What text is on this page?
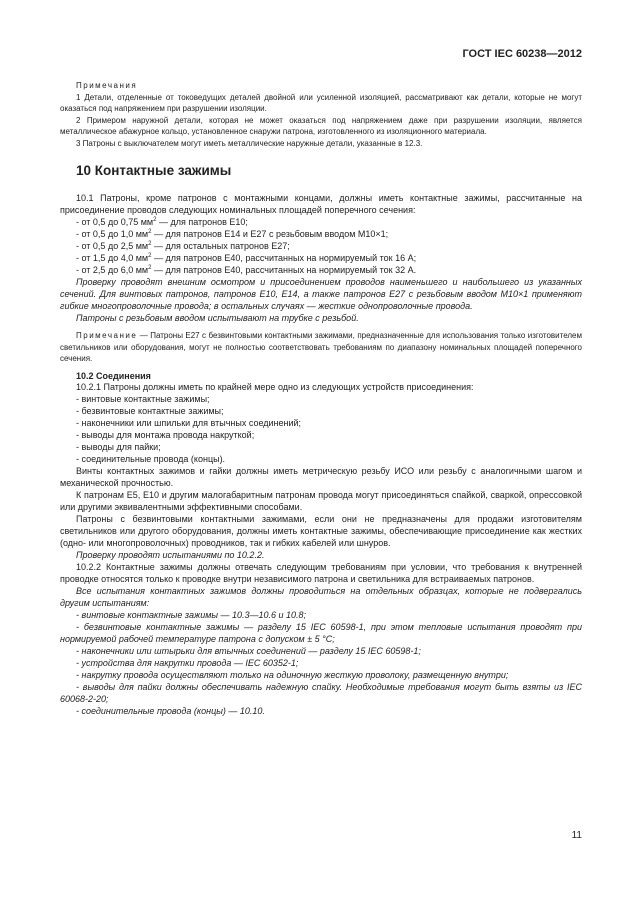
ГОСТ IEC 60238—2012

Примечания

1 Детали, отделенные от токоведущих деталей двойной или усиленной изоляцией, рассматривают как детали, которые не могут оказаться под напряжением при разрушении изоляции.

2 Примером наружной детали, которая не может оказаться под напряжением даже при разрушении изоляции, является металлическое абажурное кольцо, установленное снаружи патрона, изготовленного из изоляционного материала.

3 Патроны с выключателем могут иметь металлические наружные детали, указанные в 12.3.

10 Контактные зажимы

10.1 Патроны, кроме патронов с монтажными концами, должны иметь контактные зажимы, рассчитанные на присоединение проводов следующих номинальных площадей поперечного сечения:

- от 0,5 до 0,75 $мм^2$ — для патронов E10;

- от 0,5 до 1,0 $мм^2$ — для патронов E14 и E27 с резьбовым вводом M10×1;

- от 0,5 до 2,5 $мм^2$ — для остальных патронов E27;

- от 1,5 до 4,0 $мм^2$ — для патронов E40, рассчитанных на нормируемый ток 16 А;

- от 2,5 до 6,0 $мм^2$ — для патронов E40, рассчитанных на нормируемый ток 32 А.

Проверку проводят внешним осмотром и присоединением проводов наименьшего и наибольшего из указанных сечений. Для винтовых патронов, патронов E10, E14, а также патронов E27 с резьбовым вводом M10×1 применяют гибкие многопроволочные провода; в остальных случаях — жесткие однопроволочные провода.

Патроны с резьбовым вводом испытывают на трубке с резьбой.

Примечание — Патроны E27 с безвинтовыми контактными зажимами, предназначенные для использования только изготовителем светильников или оборудования, могут не полностью соответствовать требованиям по диапазону номинальных площадей поперечного сечения.

10.2 Соединения

10.2.1 Патроны должны иметь по крайней мере одно из следующих устройств присоединения:

- винтовые контактные зажимы;

- безвинтовые контактные зажимы;

- наконечники или шпильки для втычных соединений;

- выводы для монтажа провода накруткой;

- выводы для пайки;

- соединительные провода (концы).

Винты контактных зажимов и гайки должны иметь метрическую резьбу ИСО или резьбу с аналогичными шагом и механической прочностью.

К патронам E5, E10 и другим малогабаритным патронам провода могут присоединяться спайкой, сваркой, опрессовкой или другими эквивалентными эффективными способами.

Патроны с безвинтовыми контактными зажимами, если они не предназначены для продажи изготовителям светильников или другого оборудования, должны иметь контактные зажимы, обеспечивающие присоединение как жестких (одно- или многопроволочных) проводников, так и гибких кабелей или шнуров.

Проверку проводят испытаниями по 10.2.2.

10.2.2 Контактные зажимы должны отвечать следующим требованиям при условии, что требования к внутренней проводке относятся только к проводке внутри независимого патрона и светильника для встраиваемых патронов.

Все испытания контактных зажимов должны проводиться на отдельных образцах, которые не подвергались другим испытаниям:

- винтовые контактные зажимы — 10.3—10.6 и 10.8;

- безвинтовые контактные зажимы — разделу 15 IEC 60598-1, при этом тепловые испытания проводят при нормируемой рабочей температуре патрона с допуском ± 5 °С;

- наконечники или штырьки для втычных соединений — разделу 15 IEC 60598-1;

- устройства для накрутки провода — IEC 60352-1;

- накрутку провода осуществляют только на одиночную жесткую проволоку, размещенную внутри;

- выводы для пайки должны обеспечивать надежную спайку. Необходимые требования могут быть взяты из IEC 60068-2-20;

- соединительные провода (концы) — 10.10.

11
